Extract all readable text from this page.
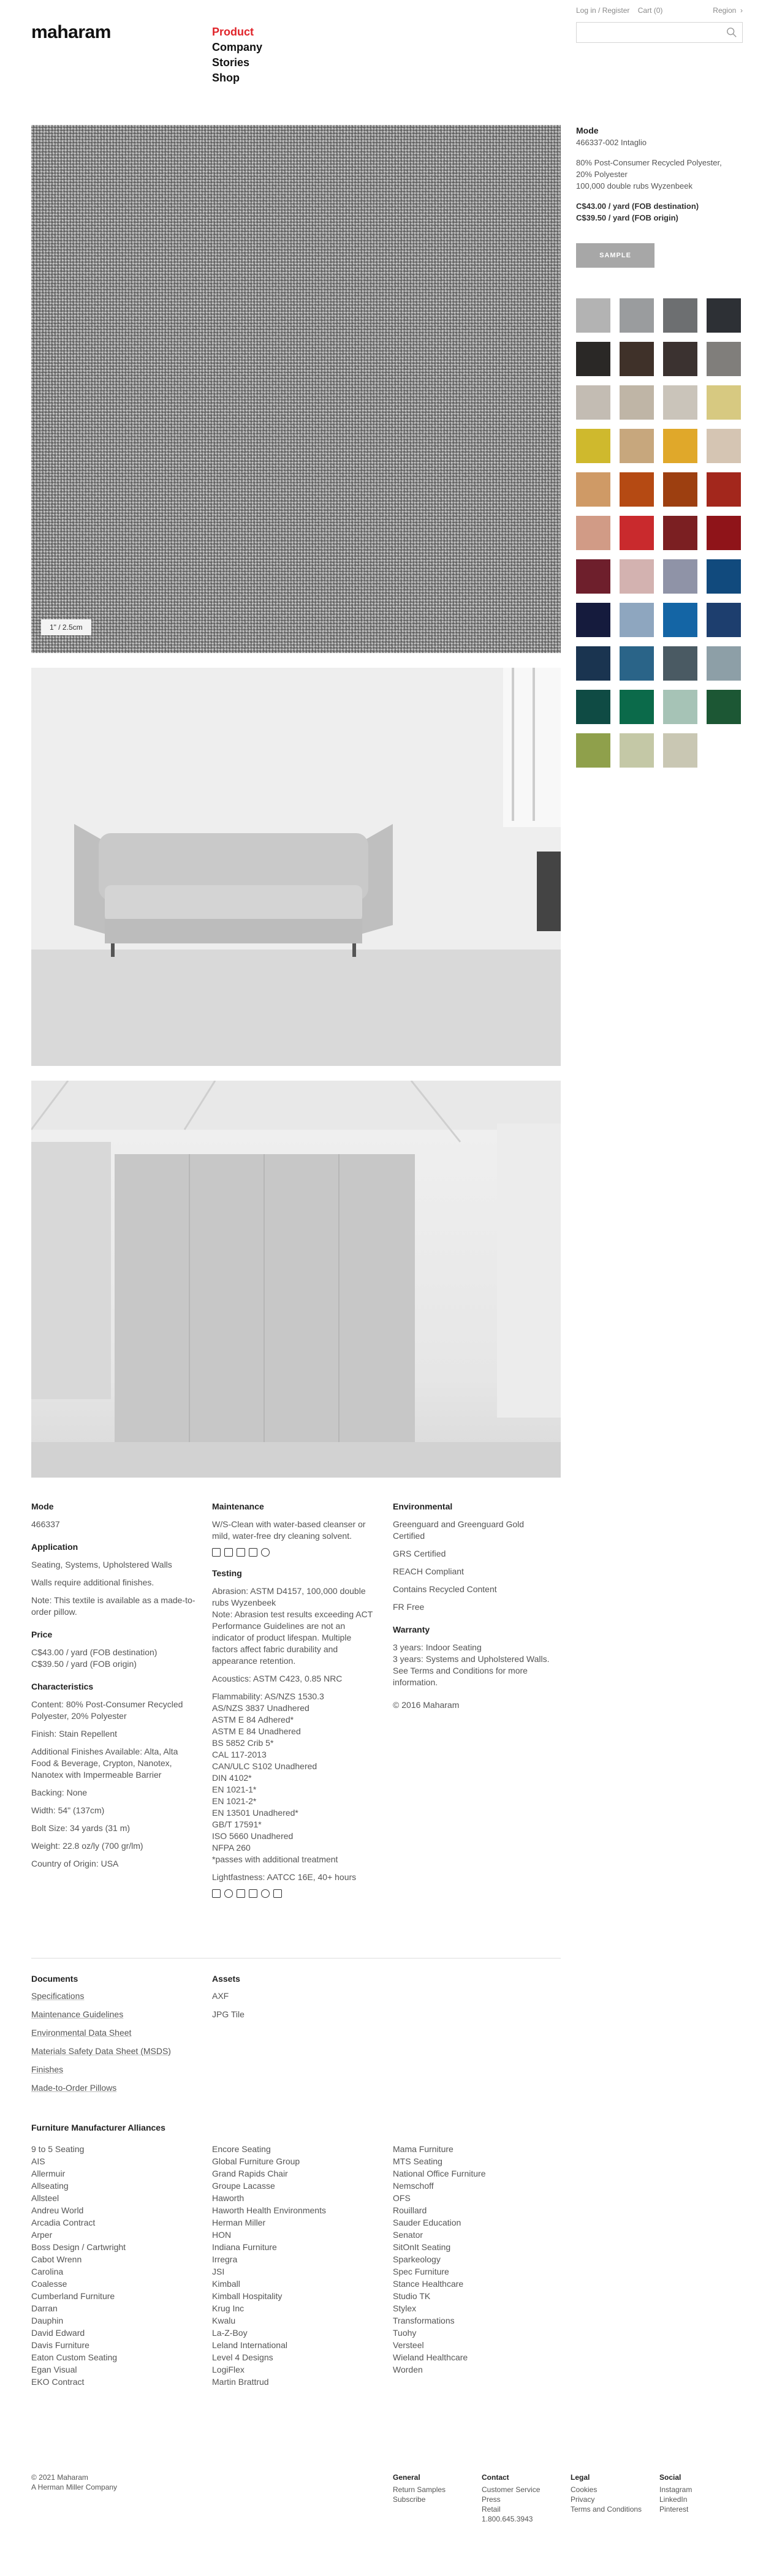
maharam	Product
Company
Stories
Shop
Log in / Register Cart (0)	Region  ›
1" / 2.5cm
Mode
466337-002 Intaglio
80% Post-Consumer Recycled Polyester,
20% Polyester
100,000 double rubs Wyzenbeek
C$43.00 / yard (FOB destination)
C$39.50 / yard (FOB origin)
SAMPLE
Mode

466337

Application

Seating, Systems, Upholstered Walls

Walls require additional finishes.

Note: This textile is available as a made-to-order pillow.

Price
C$43.00 / yard (FOB destination)
C$39.50 / yard (FOB origin)
Characteristics

Content: 80% Post-Consumer Recycled Polyester, 20% Polyester

Finish: Stain Repellent

Additional Finishes Available: Alta, Alta Food & Beverage, Crypton, Nanotex, Nanotex with Impermeable Barrier

Backing: None

Width: 54" (137cm)

Bolt Size: 34 yards (31 m)

Weight: 22.8 oz/ly (700 gr/lm)

Country of Origin: USA

Maintenance

W/S-Clean with water-based cleanser or mild, water-free dry cleaning solvent.

Testing

Abrasion: ASTM D4157, 100,000 double rubs Wyzenbeek

Note: Abrasion test results exceeding ACT Performance Guidelines are not an indicator of product lifespan. Multiple factors affect fabric durability and appearance retention.

Acoustics: ASTM C423, 0.85 NRC

Flammability: AS/NZS 1530.3
AS/NZS 3837 Unadhered
ASTM E 84 Adhered*
ASTM E 84 Unadhered
BS 5852 Crib 5*
CAL 117-2013
CAN/ULC S102 Unadhered
DIN 4102*
EN 1021-1*
EN 1021-2*
EN 13501 Unadhered*
GB/T 17591*
ISO 5660 Unadhered
NFPA 260
*passes with additional treatment

Lightfastness: AATCC 16E, 40+ hours

Environmental

Greenguard and Greenguard Gold Certified

GRS Certified

REACH Compliant

Contains Recycled Content

FR Free

Warranty
3 years: Indoor Seating

3 years: Systems and Upholstered Walls. See Terms and Conditions for more information.

© 2016 Maharam

Documents
Specifications
Maintenance Guidelines
Environmental Data Sheet
Materials Safety Data Sheet (MSDS)
Finishes
Made-to-Order Pillows
Assets
AXF
JPG Tile
Furniture Manufacturer Alliances
9 to 5 Seating
AIS
Allermuir
Allseating
Allsteel
Andreu World
Arcadia Contract
Arper
Boss Design / Cartwright
Cabot Wrenn
Carolina
Coalesse
Cumberland Furniture
Darran
Dauphin
David Edward
Davis Furniture
Eaton Custom Seating
Egan Visual
EKO Contract
Encore Seating
Global Furniture Group
Grand Rapids Chair
Groupe Lacasse
Haworth
Haworth Health Environments
Herman Miller
HON
Indiana Furniture
Irregra
JSI
Kimball
Kimball Hospitality
Krug Inc
Kwalu
La-Z-Boy
Leland International
Level 4 Designs
LogiFlex
Martin Brattrud
Mama Furniture
MTS Seating
National Office Furniture
Nemschoff
OFS
Rouillard
Sauder Education
Senator
SitOnIt Seating
Sparkeology
Spec Furniture
Stance Healthcare
Studio TK
Stylex
Transformations
Tuohy
Versteel
Wieland Healthcare
Worden
© 2021 Maharam
A Herman Miller Company
General
Return Samples
Subscribe
Contact
Customer Service
Press
Retail
1.800.645.3943
Legal
Cookies
Privacy
Terms and Conditions
Social
Instagram
LinkedIn
Pinterest
